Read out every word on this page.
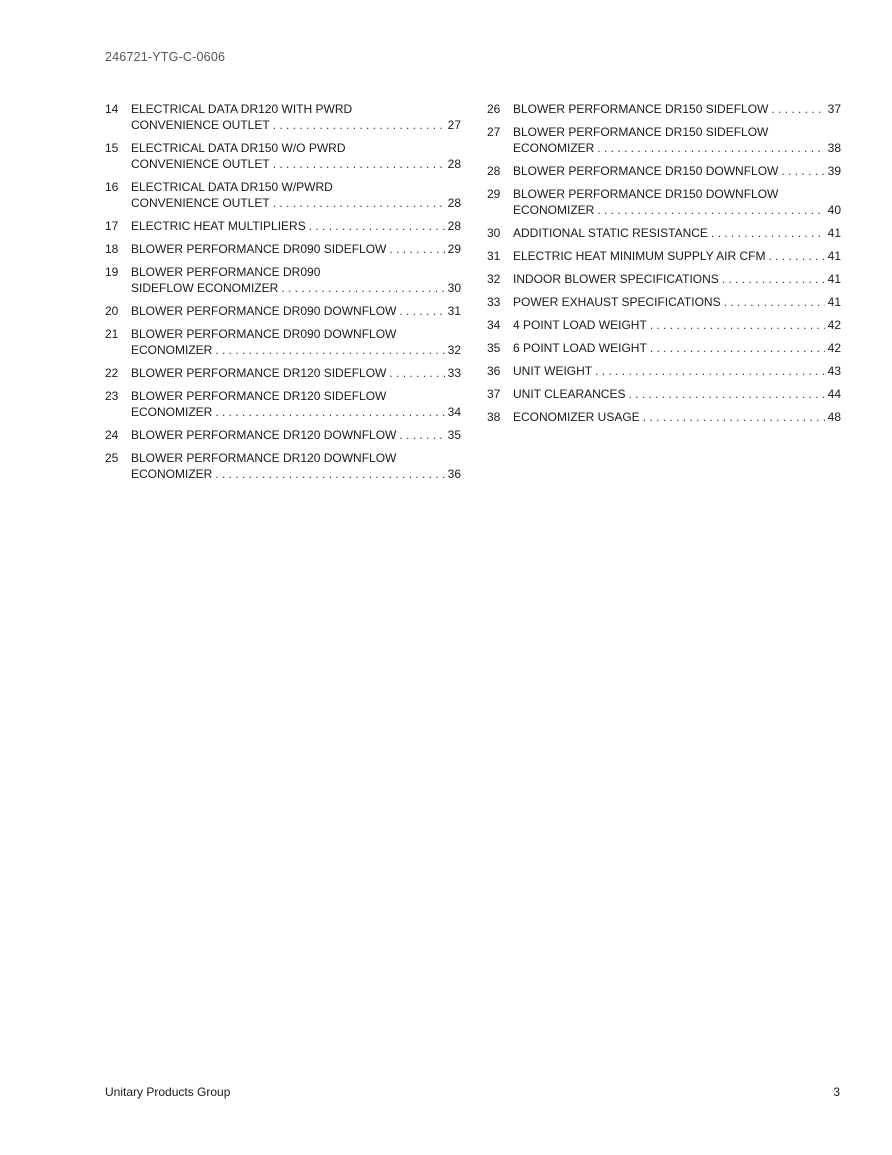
246721-YTG-C-0606
14	ELECTRICAL DATA DR120 WITH PWRD
CONVENIENCE OUTLET . . .	27
15	ELECTRICAL DATA DR150 W/O PWRD
CONVENIENCE OUTLET . . .	28
16	ELECTRICAL DATA DR150 W/PWRD
CONVENIENCE OUTLET . . .	28
17	ELECTRIC HEAT MULTIPLIERS . . .	28
18	BLOWER PERFORMANCE DR090 SIDEFLOW . . .	29
19	BLOWER PERFORMANCE DR090
SIDEFLOW ECONOMIZER . . .	30
20	BLOWER PERFORMANCE DR090 DOWNFLOW . . .	31
21	BLOWER PERFORMANCE DR090 DOWNFLOW
ECONOMIZER . . .	32
22	BLOWER PERFORMANCE DR120 SIDEFLOW . . .	33
23	BLOWER PERFORMANCE DR120 SIDEFLOW
ECONOMIZER . . .	34
24	BLOWER PERFORMANCE DR120 DOWNFLOW . . .	35
25	BLOWER PERFORMANCE DR120 DOWNFLOW
ECONOMIZER . . .	36
26	BLOWER PERFORMANCE DR150 SIDEFLOW . . .	37
27	BLOWER PERFORMANCE DR150 SIDEFLOW
ECONOMIZER . . .	38
28	BLOWER PERFORMANCE DR150 DOWNFLOW . . .	39
29	BLOWER PERFORMANCE DR150 DOWNFLOW
ECONOMIZER . . .	40
30	ADDITIONAL STATIC RESISTANCE . . .	41
31	ELECTRIC HEAT MINIMUM SUPPLY AIR CFM . . .	41
32	INDOOR BLOWER SPECIFICATIONS . . .	41
33	POWER EXHAUST SPECIFICATIONS . . .	41
34	4 POINT LOAD WEIGHT . . .	42
35	6 POINT LOAD WEIGHT . . .	42
36	UNIT WEIGHT . . .	43
37	UNIT CLEARANCES . . .	44
38	ECONOMIZER USAGE . . .	48
Unitary Products Group	3
